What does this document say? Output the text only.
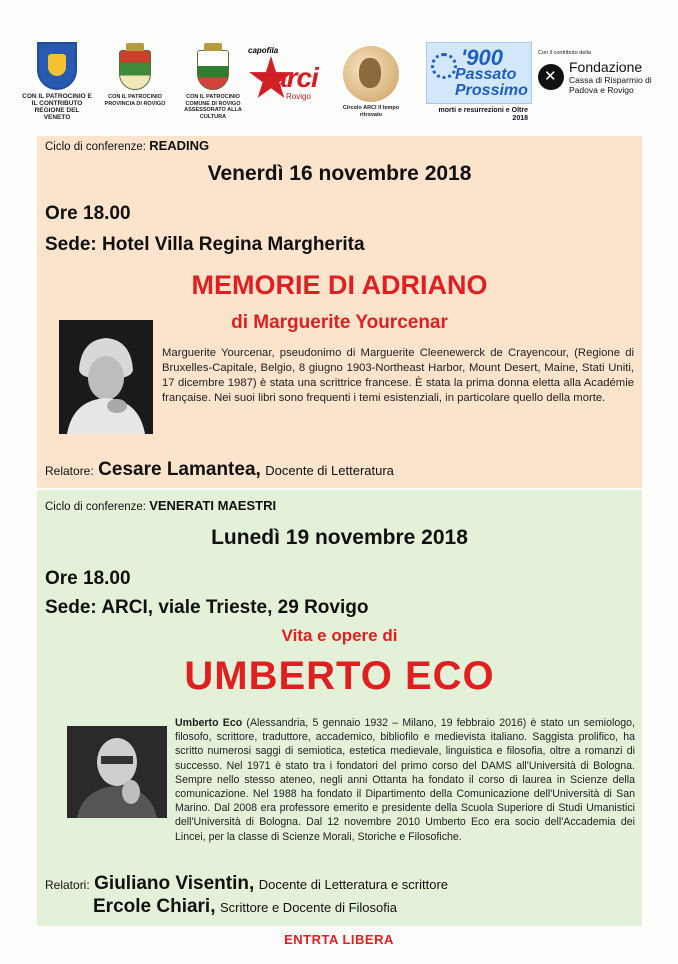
CON IL PATROCINIO E IL CONTRIBUTO REGIONE DEL VENETO
CON IL PATROCINIO PROVINCIA DI ROVIGO
CON IL PATROCINIO COMUNE DI ROVIGO ASSESSORATO ALLA CULTURA
capofila
arci
Rovigo
Circolo ARCI Il tempo ritrovato
'900
Passato
Prossimo
morti e resurrezioni e Oltre 2018
Con il contributo della
✕
Fondazione
Cassa di Risparmio di Padova e Rovigo
Ciclo di conferenze: READING
Venerdì 16 novembre 2018
Ore 18.00
Sede: Hotel Villa Regina Margherita
MEMORIE DI ADRIANO
di Marguerite Yourcenar
Marguerite Yourcenar, pseudonimo di Marguerite Cleenewerck de Crayencour, (Regione di Bruxelles-Capitale, Belgio, 8 giugno 1903-Northeast Harbor, Mount Desert, Maine, Stati Uniti, 17 dicembre 1987) è stata una scrittrice francese. È stata la prima donna eletta alla Académie française. Nei suoi libri sono frequenti i temi esistenziali, in particolare quello della morte.
Relatore: Cesare Lamantea, Docente di Letteratura
Ciclo di conferenze: VENERATI MAESTRI
Lunedì 19 novembre 2018
Ore 18.00
Sede: ARCI, viale Trieste, 29 Rovigo
Vita e opere di
UMBERTO ECO
Umberto Eco (Alessandria, 5 gennaio 1932 – Milano, 19 febbraio 2016) è stato un semiologo, filosofo, scrittore, traduttore, accademico, bibliofilo e medievista italiano. Saggista prolifico, ha scritto numerosi saggi di semiotica, estetica medievale, linguistica e filosofia, oltre a romanzi di successo. Nel 1971 è stato tra i fondatori del primo corso del DAMS all'Università di Bologna. Sempre nello stesso ateneo, negli anni Ottanta ha fondato il corso di laurea in Scienze della comunicazione. Nel 1988 ha fondato il Dipartimento della Comunicazione dell'Università di San Marino. Dal 2008 era professore emerito e presidente della Scuola Superiore di Studi Umanistici dell'Università di Bologna. Dal 12 novembre 2010 Umberto Eco era socio dell'Accademia dei Lincei, per la classe di Scienze Morali, Storiche e Filosofiche.
Relatori: Giuliano Visentin, Docente di Letteratura e scrittore
Ercole Chiari, Scrittore e Docente di Filosofia
ENTRTA LIBERA
